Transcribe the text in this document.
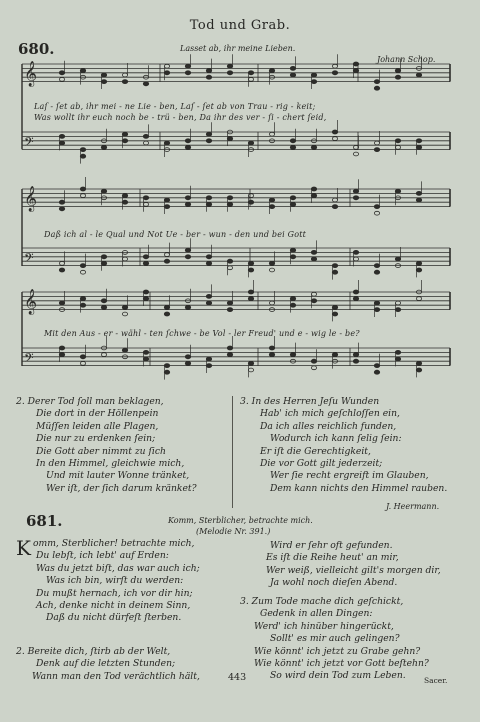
Tod und Grab.
680.	Lasset ab, ihr meine Lieben.
Johann Schop.
𝄞
𝄢
𝄞
𝄢
𝄞
𝄢
Laſ - ſet ab, ihr mei - ne Lie - ben, Laſ - ſet ab von Trau - rig - keit;
Was wollt ihr euch noch be - trü - ben, Da ihr des ver - ſi - chert ſeid,
Daß ich al - le Qual und Not Ue - ber - wun - den und bei Gott
Mit den Aus - er - wähl - ten ſchwe - be Vol - ler Freud' und e - wig le - be?
2. Derer Tod ſoll man beklagen,
Die dort in der Höllenpein
Müſſen leiden alle Plagen,
Die nur zu erdenken ſein;
Die Gott aber nimmt zu ſich
In den Himmel, gleichwie mich,
Und mit lauter Wonne tränket,
Wer iſt, der ſich darum kränket?
3. In des Herren Jeſu Wunden
Hab' ich mich geſchloſſen ein,
Da ich alles reichlich funden,
Wodurch ich kann ſelig ſein:
Er iſt die Gerechtigkeit,
Die vor Gott gilt jederzeit;
Wer ſie recht ergreift im Glauben,
Dem kann nichts den Himmel rauben.
J. Heermann.
681.	Komm, Sterblicher, betrachte mich.
(Melodie Nr. 391.)
Komm, Sterblicher! betrachte mich,
Du lebſt, ich lebt' auf Erden:
Was du jetzt biſt, das war auch ich;
Was ich bin, wirſt du werden:
Du mußt hernach, ich vor dir hin;
Ach, denke nicht in deinem Sinn,
Daß du nicht dürfeſt ſterben.
2. Bereite dich, ſtirb ab der Welt,
Denk auf die letzten Stunden;
Wann man den Tod verächtlich hält,	443
Wird er ſehr oft gefunden.
Es iſt die Reihe heut' an mir,
Wer weiß, vielleicht gilt's morgen dir,
Ja wohl noch dieſen Abend.
3. Zum Tode mache dich geſchickt,
Gedenk in allen Dingen:
Werd' ich hinüber hingerückt,
Sollt' es mir auch gelingen?
Wie könnt' ich jetzt zu Grabe gehn?
Wie könnt' ich jetzt vor Gott beſtehn?
So wird dein Tod zum Leben.	Sacer.
